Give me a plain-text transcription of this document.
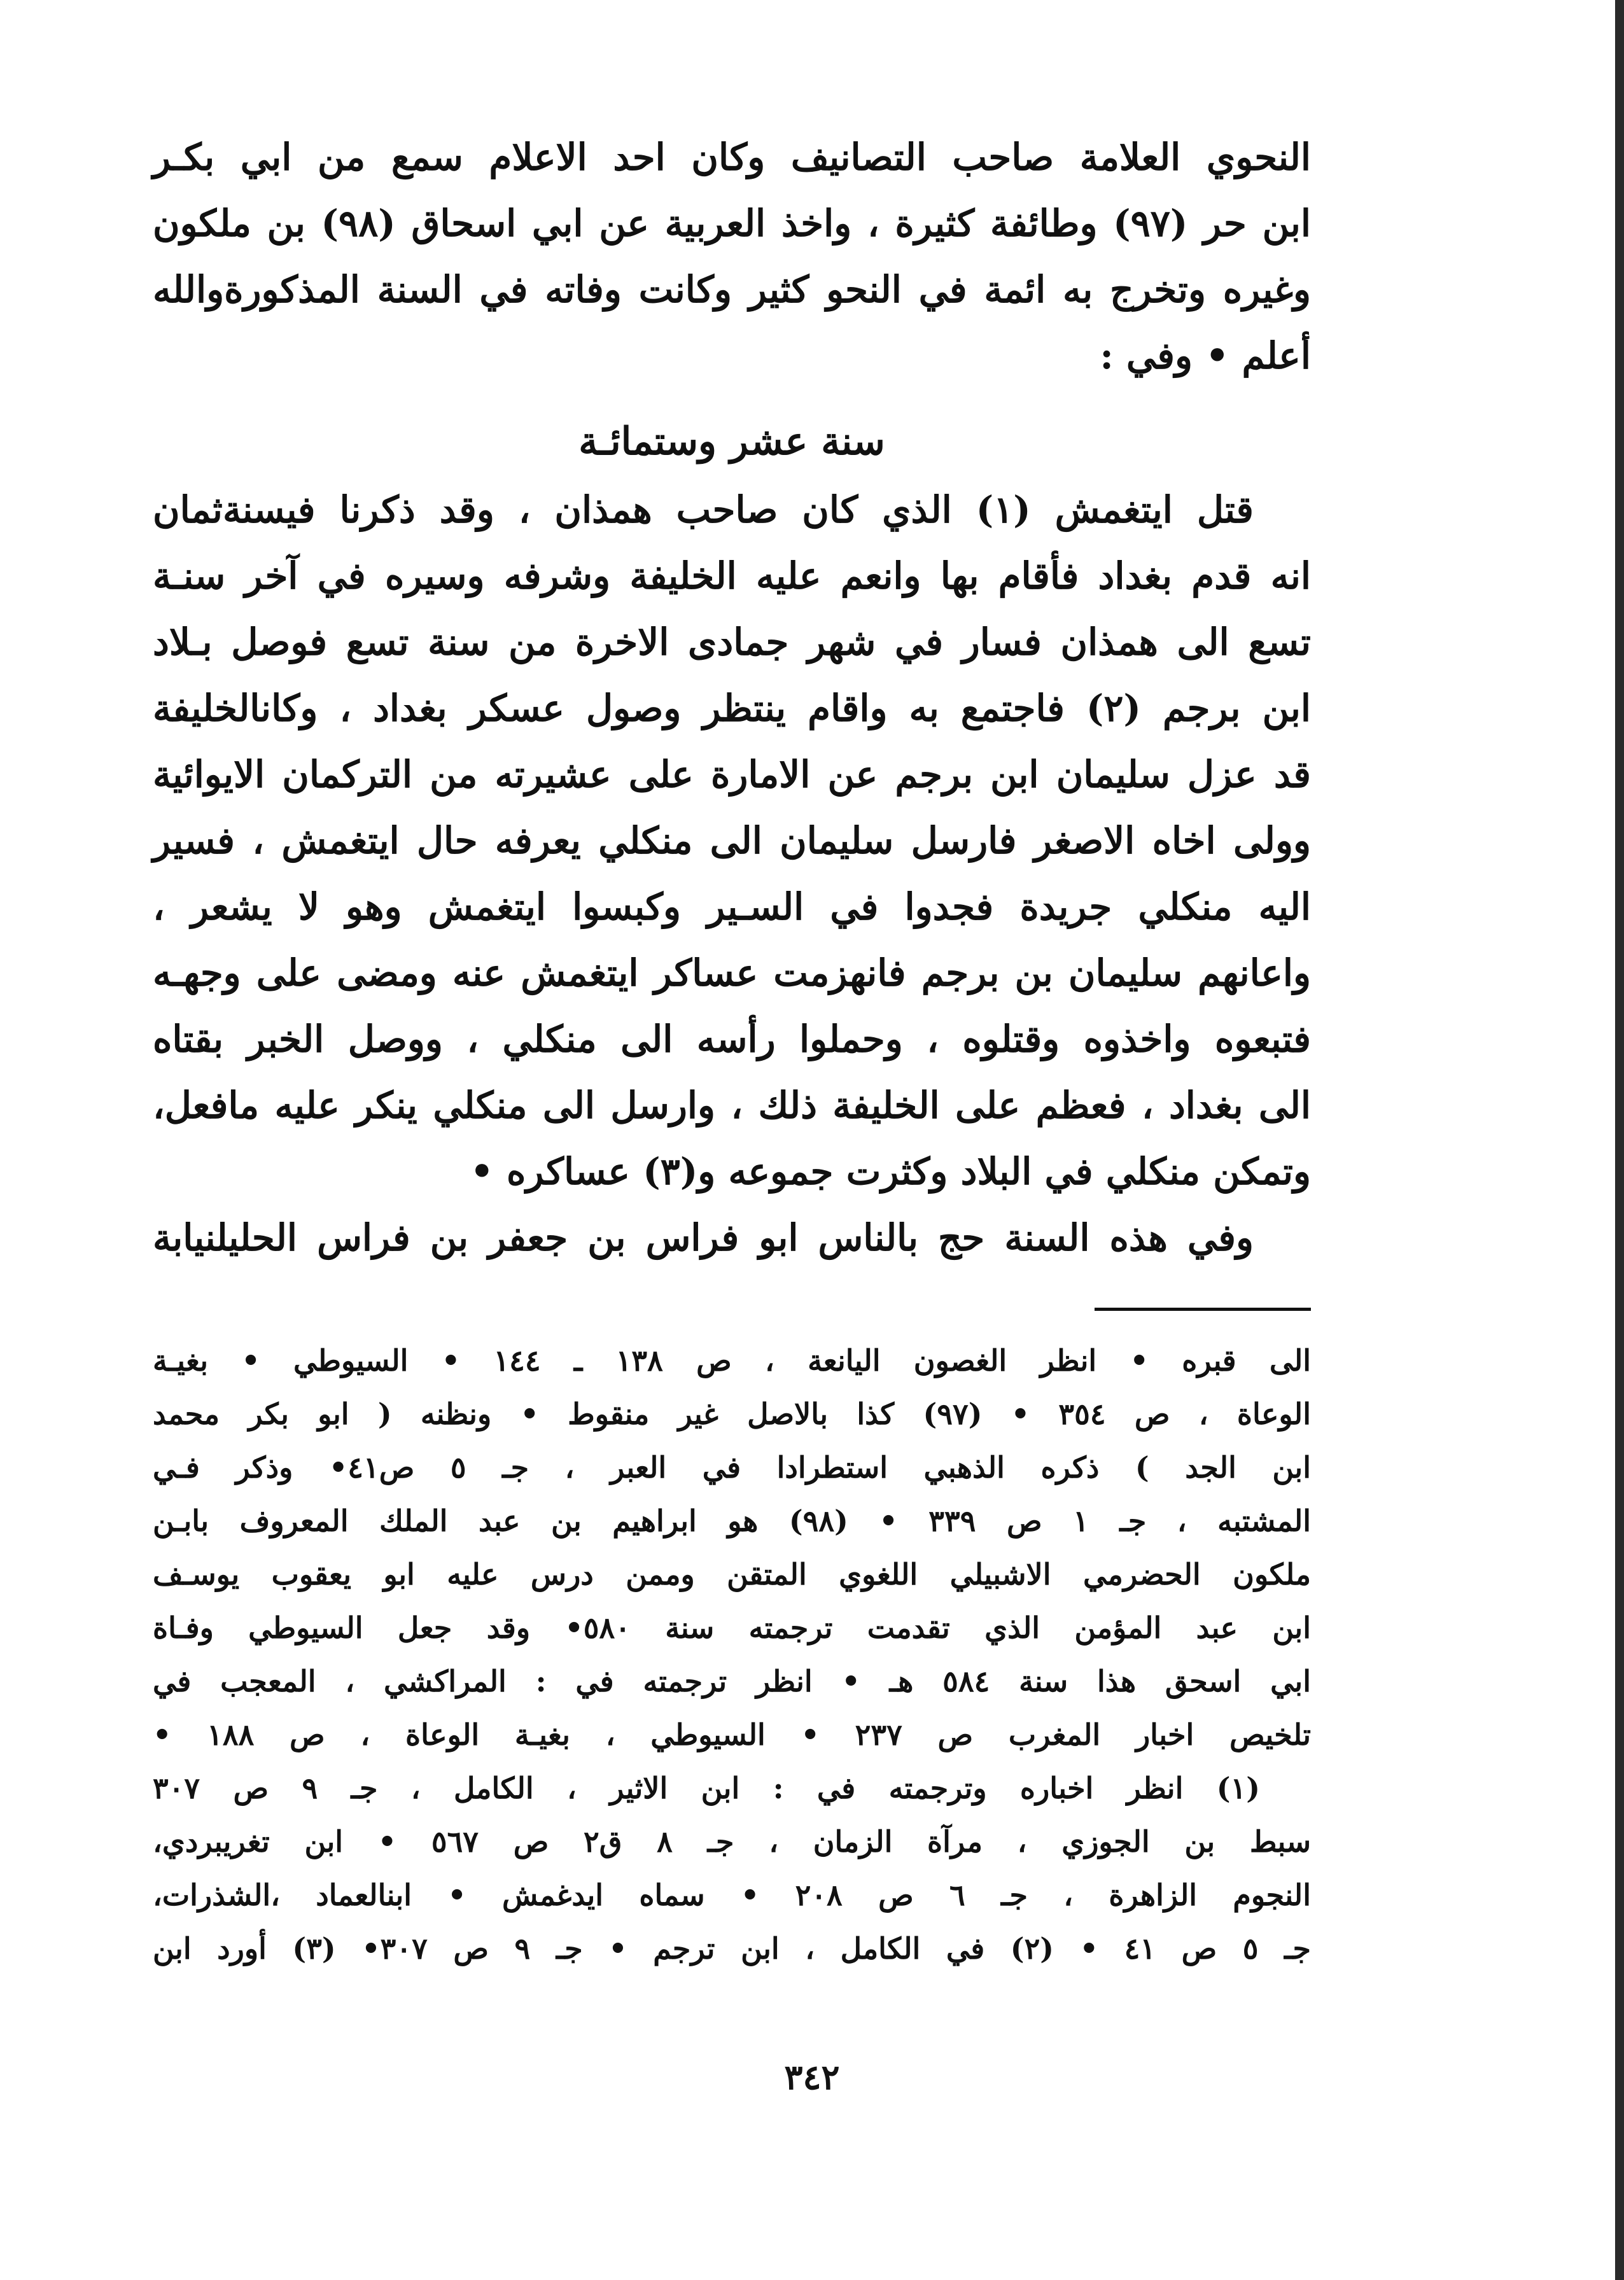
النحوي العلامة صاحب التصانيف وكان احد الاعلام سمع من ابي بكـر
ابن حر (٩٧) وطائفة كثيرة ، واخذ العربية عن ابي اسحاق (٩٨) بن ملكون
وغيره وتخرج به ائمة في النحو كثير وكانت وفاته في السنة المذكورةوالله
أعلم • وفي :
سنة عشر وستمائـة
قتل ايتغمش (١) الذي كان صاحب همذان ، وقد ذكرنا فيسنةثمان
انه قدم بغداد فأقام بها وانعم عليه الخليفة وشرفه وسيره في آخر سنـة
تسع الى همذان فسار في شهر جمادى الاخرة من سنة تسع فوصل بـلاد
ابن برجم (٢) فاجتمع به واقام ينتظر وصول عسكر بغداد ، وكانالخليفة
قد عزل سليمان ابن برجم عن الامارة على عشيرته من التركمان الايوائية
وولى اخاه الاصغر فارسل سليمان الى منكلي يعرفه حال ايتغمش ، فسير
اليه منكلي جريدة فجدوا في السـير وكبسوا ايتغمش وهو لا يشعر ،
واعانهم سليمان بن برجم فانهزمت عساكر ايتغمش عنه ومضى على وجهـه
فتبعوه واخذوه وقتلوه ، وحملوا رأسه الى منكلي ، ووصل الخبر بقتاه
الى بغداد ، فعظم على الخليفة ذلك ، وارسل الى منكلي ينكر عليه مافعل،
وتمكن منكلي في البلاد وكثرت جموعه و(٣) عساكره •
وفي هذه السنة حج بالناس ابو فراس بن جعفر بن فراس الحليلنيابة
الى قبره • انظر الغصون اليانعة ، ص ١٣٨ ـ ١٤٤ • السيوطي • بغيـة
الوعاة ، ص ٣٥٤ • (٩٧) كذا بالاصل غير منقوط • ونظنه ( ابو بكر محمد
ابن الجد ) ذكره الذهبي استطرادا في العبر ، جـ ٥ ص٤١• وذكر فـي
المشتبه ، جـ ١ ص ٣٣٩ • (٩٨) هو ابراهيم بن عبد الملك المعروف بابـن
ملكون الحضرمي الاشبيلي اللغوي المتقن وممن درس عليه ابو يعقوب يوسـف
ابن عبد المؤمن الذي تقدمت ترجمته سنة ٥٨٠• وقد جعل السيوطي وفـاة
ابي اسحق هذا سنة ٥٨٤ هـ • انظر ترجمته في : المراكشي ، المعجب في
تلخيص اخبار المغرب ص ٢٣٧ • السيوطي ، بغيـة الوعاة ، ص ١٨٨ •
(١) انظر اخباره وترجمته في : ابن الاثير ، الكامل ، جـ ٩ ص ٣٠٧
سبط بن الجوزي ، مرآة الزمان ، جـ ٨ ق٢ ص ٥٦٧ • ابن تغريبردي،
النجوم الزاهرة ، جـ ٦ ص ٢٠٨ • سماه ايدغمش • ابنالعماد ،الشذرات،
جـ ٥ ص ٤١ • (٢) في الكامل ، ابن ترجم • جـ ٩ ص ٣٠٧• (٣) أورد ابن
٣٤٢
